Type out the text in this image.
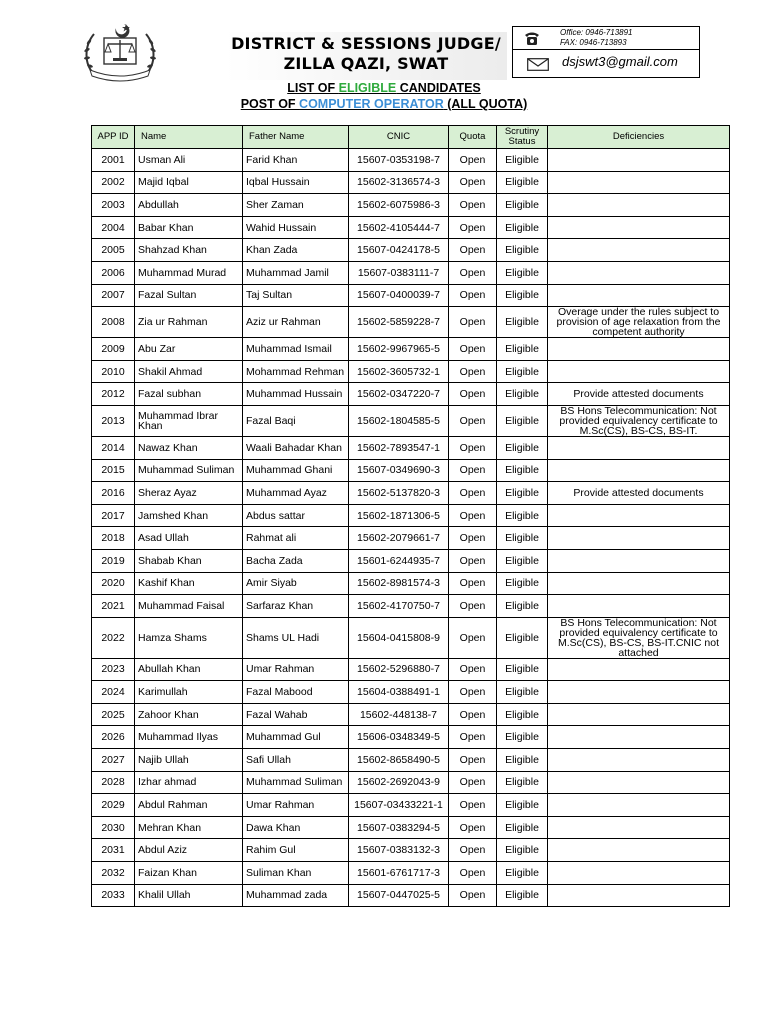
DISTRICT & SESSIONS JUDGE/
ZILLA QAZI, SWAT
Office: 0946-713891
FAX: 0946-713893
dsjswt3@gmail.com
LIST OF ELIGIBLE CANDIDATES
POST OF COMPUTER OPERATOR (ALL QUOTA)
APP ID	Name	Father Name	CNIC	Quota	Scrutiny Status	Deficiencies
2001	Usman Ali	Farid Khan	15607-0353198-7	Open	Eligible	
2002	Majid Iqbal	Iqbal Hussain	15602-3136574-3	Open	Eligible	
2003	Abdullah	Sher Zaman	15602-6075986-3	Open	Eligible	
2004	Babar Khan	Wahid Hussain	15602-4105444-7	Open	Eligible	
2005	Shahzad Khan	Khan Zada	15607-0424178-5	Open	Eligible	
2006	Muhammad Murad	Muhammad Jamil	15607-0383111-7	Open	Eligible	
2007	Fazal Sultan	Taj Sultan	15607-0400039-7	Open	Eligible	
2008	Zia ur Rahman	Aziz ur Rahman	15602-5859228-7	Open	Eligible	Overage under the rules subject to provision of age relaxation from the competent authority
2009	Abu Zar	Muhammad Ismail	15602-9967965-5	Open	Eligible	
2010	Shakil Ahmad	Mohammad Rehman	15602-3605732-1	Open	Eligible	
2012	Fazal subhan	Muhammad Hussain	15602-0347220-7	Open	Eligible	Provide attested documents
2013	Muhammad Ibrar Khan	Fazal Baqi	15602-1804585-5	Open	Eligible	BS Hons Telecommunication: Not provided equivalency certificate to M.Sc(CS), BS-CS, BS-IT.
2014	Nawaz Khan	Waali Bahadar Khan	15602-7893547-1	Open	Eligible	
2015	Muhammad Suliman	Muhammad Ghani	15607-0349690-3	Open	Eligible	
2016	Sheraz Ayaz	Muhammad Ayaz	15602-5137820-3	Open	Eligible	Provide attested documents
2017	Jamshed Khan	Abdus sattar	15602-1871306-5	Open	Eligible	
2018	Asad Ullah	Rahmat ali	15602-2079661-7	Open	Eligible	
2019	Shabab Khan	Bacha Zada	15601-6244935-7	Open	Eligible	
2020	Kashif Khan	Amir Siyab	15602-8981574-3	Open	Eligible	
2021	Muhammad Faisal	Sarfaraz Khan	15602-4170750-7	Open	Eligible	
2022	Hamza Shams	Shams UL Hadi	15604-0415808-9	Open	Eligible	BS Hons Telecommunication: Not provided equivalency certificate to M.Sc(CS), BS-CS, BS-IT.CNIC not attached
2023	Abullah Khan	Umar Rahman	15602-5296880-7	Open	Eligible	
2024	Karimullah	Fazal Mabood	15604-0388491-1	Open	Eligible	
2025	Zahoor Khan	Fazal Wahab	15602-448138-7	Open	Eligible	
2026	Muhammad Ilyas	Muhammad Gul	15606-0348349-5	Open	Eligible	
2027	Najib Ullah	Safi Ullah	15602-8658490-5	Open	Eligible	
2028	Izhar ahmad	Muhammad Suliman	15602-2692043-9	Open	Eligible	
2029	Abdul Rahman	Umar Rahman	15607-03433221-1	Open	Eligible	
2030	Mehran Khan	Dawa Khan	15607-0383294-5	Open	Eligible	
2031	Abdul Aziz	Rahim Gul	15607-0383132-3	Open	Eligible	
2032	Faizan Khan	Suliman Khan	15601-6761717-3	Open	Eligible	
2033	Khalil Ullah	Muhammad zada	15607-0447025-5	Open	Eligible	
